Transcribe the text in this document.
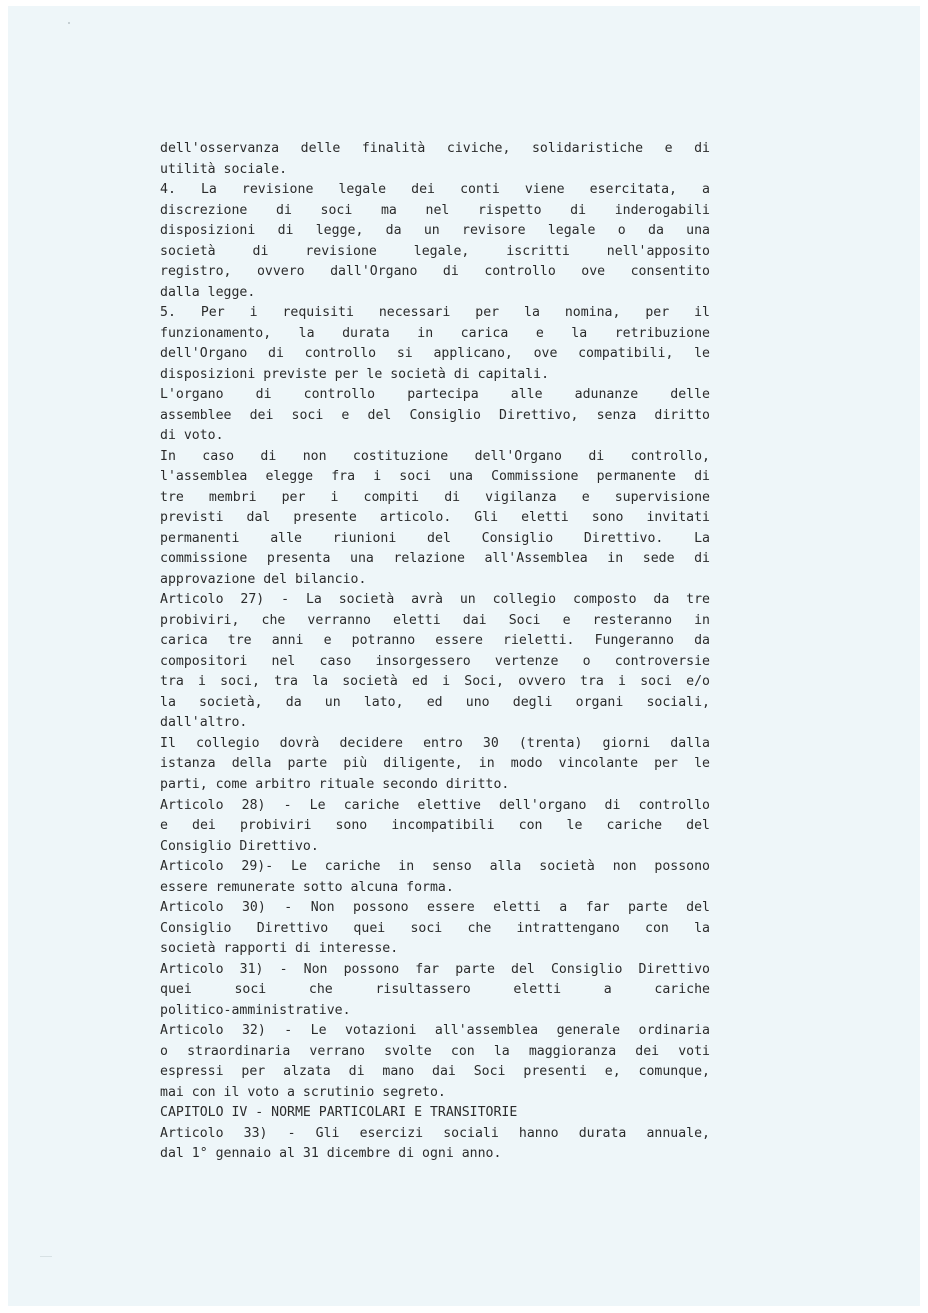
dell'osservanza delle finalità civiche, solidaristiche e di
utilità sociale.
4. La revisione legale dei conti viene esercitata, a
discrezione di soci ma nel rispetto di inderogabili
disposizioni di legge, da un revisore legale o da una
società di revisione legale, iscritti nell'apposito
registro, ovvero dall'Organo di controllo ove consentito
dalla legge.
5. Per i requisiti necessari per la nomina, per il
funzionamento, la durata in carica e la retribuzione
dell'Organo di controllo si applicano, ove compatibili, le
disposizioni previste per le società di capitali.
L'organo di controllo partecipa alle adunanze delle
assemblee dei soci e del Consiglio Direttivo, senza diritto
di voto.
In caso di non costituzione dell'Organo di controllo,
l'assemblea elegge fra i soci una Commissione permanente di
tre membri per i compiti di vigilanza e supervisione
previsti dal presente articolo. Gli eletti sono invitati
permanenti alle riunioni del Consiglio Direttivo. La
commissione presenta una relazione all'Assemblea in sede di
approvazione del bilancio.
Articolo 27) - La società avrà un collegio composto da tre
probiviri, che verranno eletti dai Soci e resteranno in
carica tre anni e potranno essere rieletti. Fungeranno da
compositori nel caso insorgessero vertenze o controversie
tra i soci, tra la società ed i Soci, ovvero tra i soci e/o
la società, da un lato, ed uno degli organi sociali,
dall'altro.
Il collegio dovrà decidere entro 30 (trenta) giorni dalla
istanza della parte più diligente, in modo vincolante per le
parti, come arbitro rituale secondo diritto.
Articolo 28) - Le cariche elettive dell'organo di controllo
e dei probiviri sono incompatibili con le cariche del
Consiglio Direttivo.
Articolo 29)- Le cariche in senso alla società non possono
essere remunerate sotto alcuna forma.
Articolo 30) - Non possono essere eletti a far parte del
Consiglio Direttivo quei soci che intrattengano con la
società rapporti di interesse.
Articolo 31) - Non possono far parte del Consiglio Direttivo
quei soci che risultassero eletti a cariche
politico-amministrative.
Articolo 32) - Le votazioni all'assemblea generale ordinaria
o straordinaria verrano svolte con la maggioranza dei voti
espressi per alzata di mano dai Soci presenti e, comunque,
mai con il voto a scrutinio segreto.
CAPITOLO IV - NORME PARTICOLARI E TRANSITORIE
Articolo 33) - Gli esercizi sociali hanno durata annuale,
dal 1° gennaio al 31 dicembre di ogni anno.
